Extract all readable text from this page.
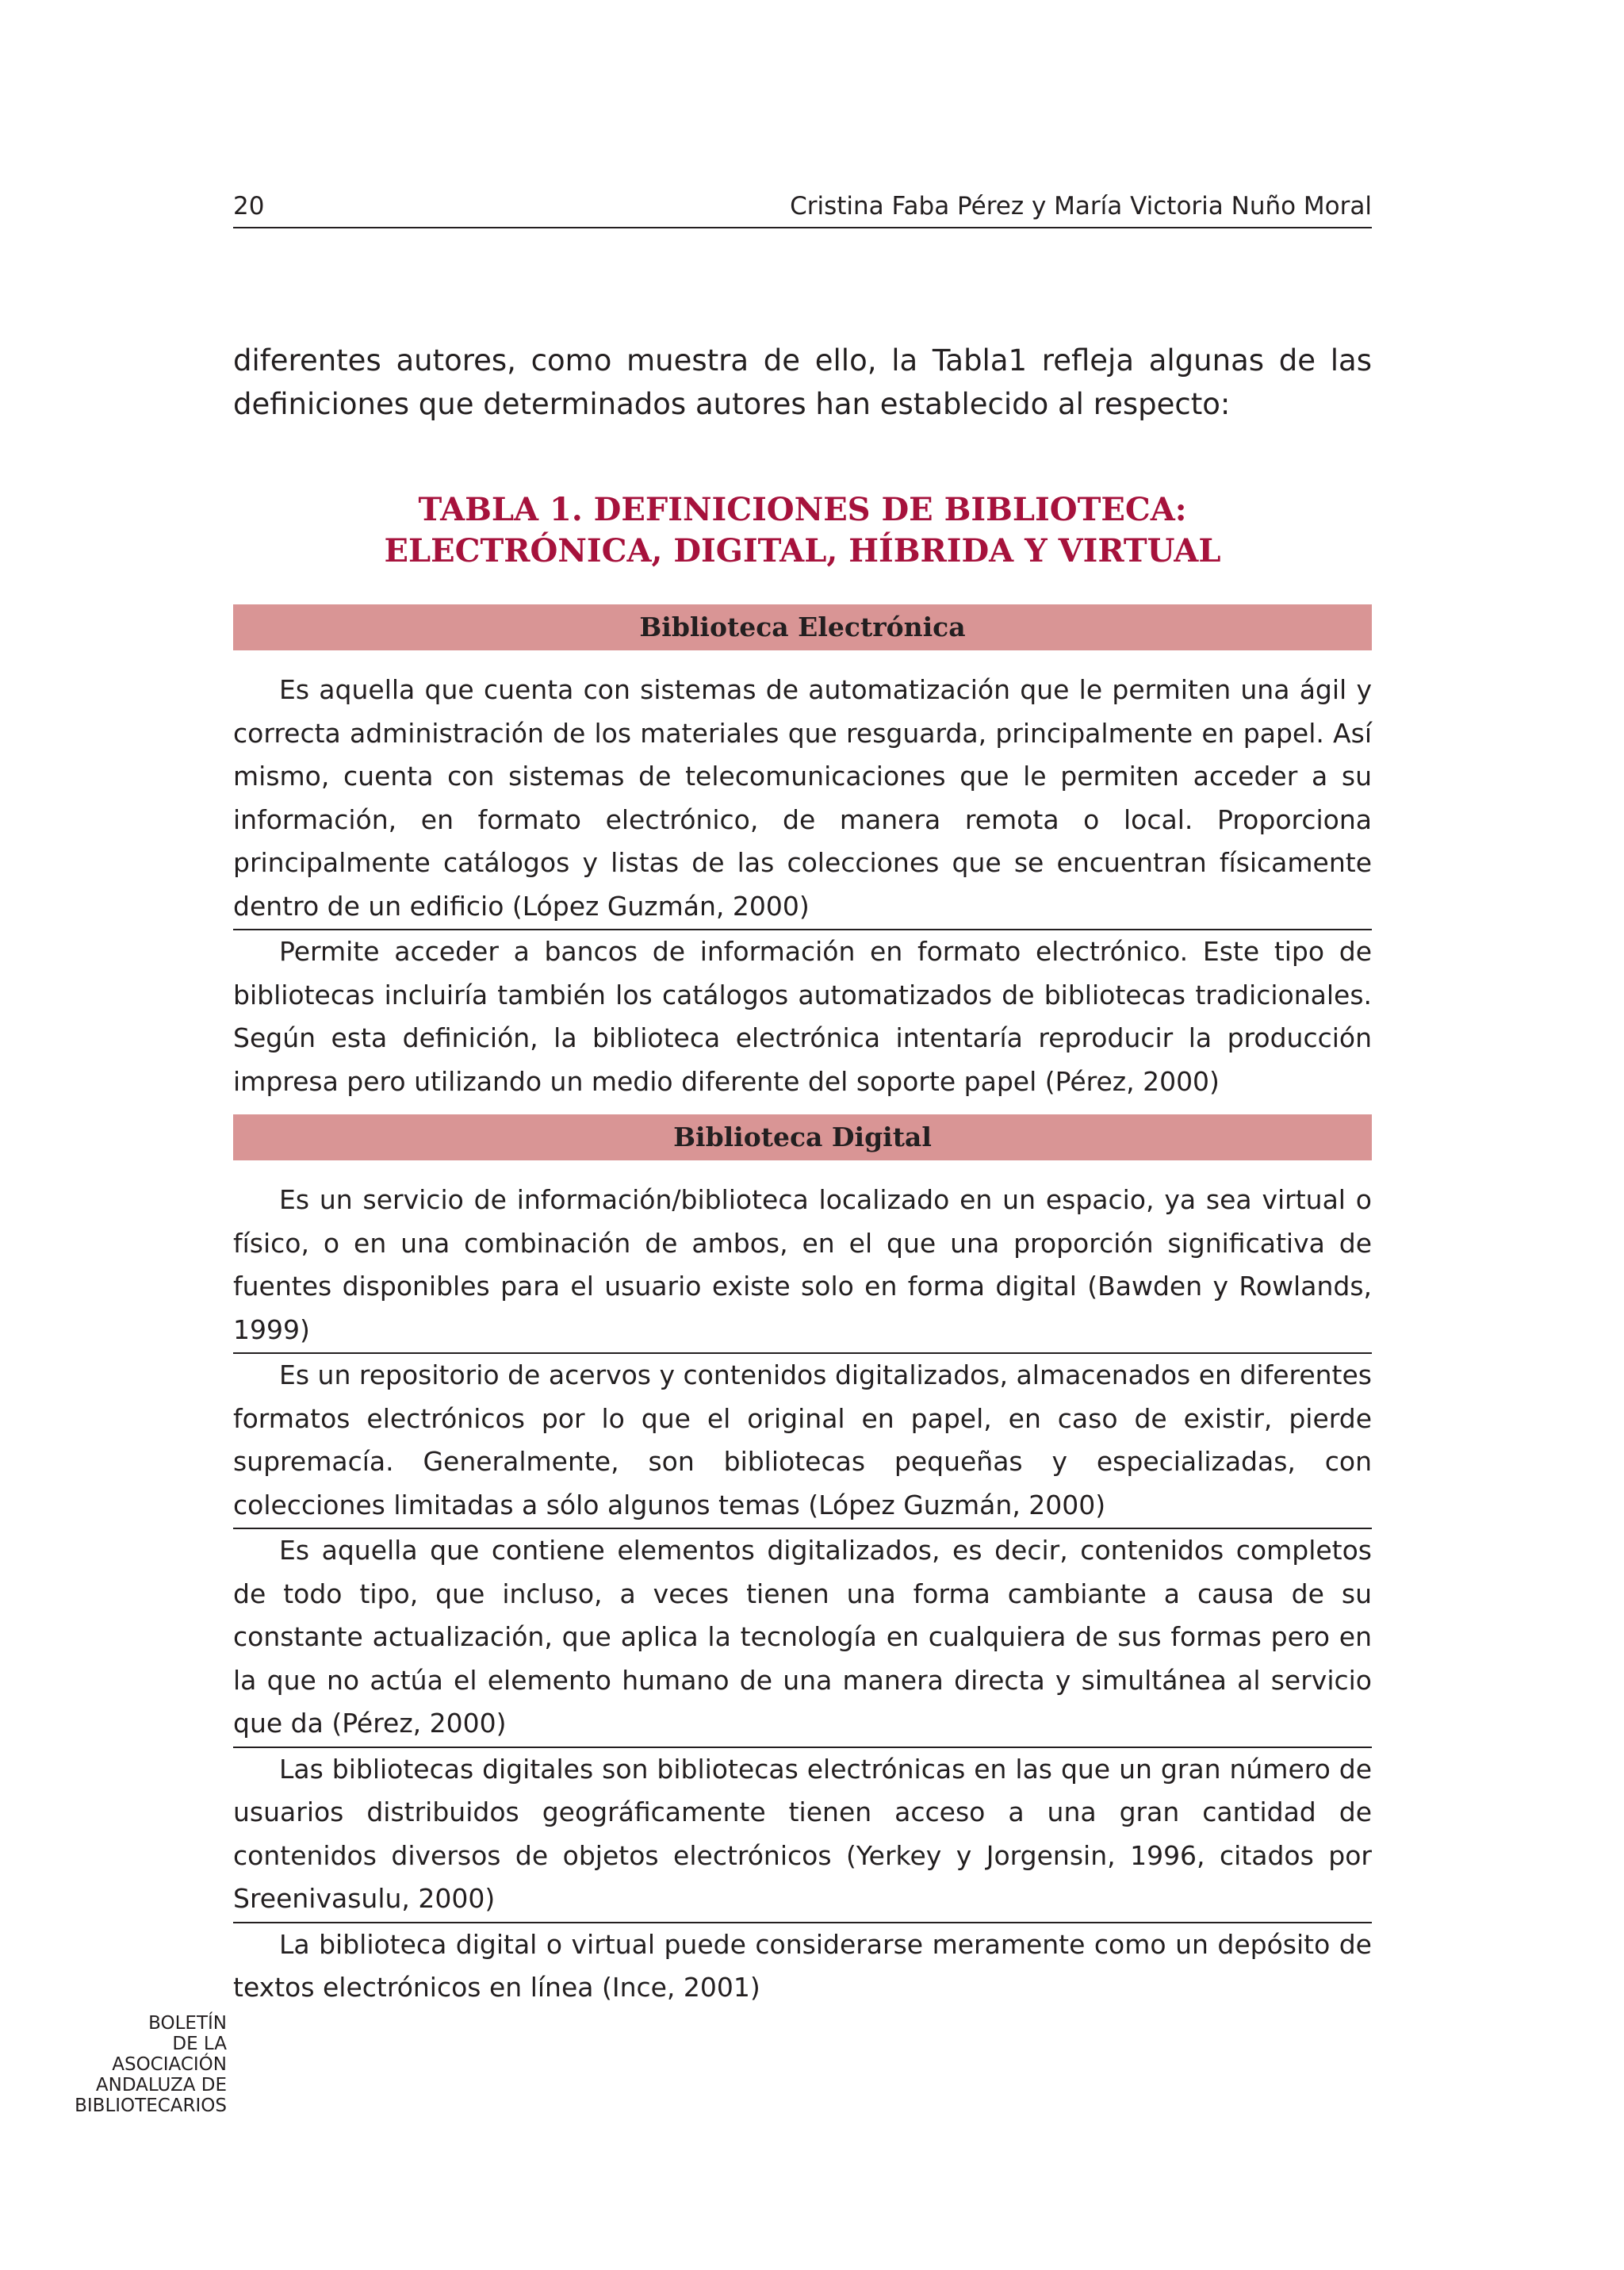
20	Cristina Faba Pérez y María Victoria Nuño Moral

diferentes autores, como muestra de ello, la Tabla1 refleja algunas de las definiciones que determinados autores han establecido al respecto:

TABLA 1. DEFINICIONES DE BIBLIOTECA:
ELECTRÓNICA, DIGITAL, HÍBRIDA Y VIRTUAL
Biblioteca Electrónica

Es aquella que cuenta con sistemas de automatización que le permiten una ágil y correcta administración de los materiales que resguarda, principalmente en papel. Así mismo, cuenta con sistemas de telecomunicaciones que le permiten acceder a su información, en formato electrónico, de manera remota o local. Proporciona principalmente catálogos y listas de las colecciones que se encuentran físicamente dentro de un edificio (López Guzmán, 2000)

Permite acceder a bancos de información en formato electrónico. Este tipo de bibliotecas incluiría también los catálogos automatizados de bibliotecas tradicionales. Según esta definición, la biblioteca electrónica intentaría reproducir la producción impresa pero utilizando un medio diferente del soporte papel (Pérez, 2000)

Biblioteca Digital

Es un servicio de información/biblioteca localizado en un espacio, ya sea virtual o físico, o en una combinación de ambos, en el que una proporción significativa de fuentes disponibles para el usuario existe solo en forma digital (Bawden y Rowlands, 1999)

Es un repositorio de acervos y contenidos digitalizados, almacenados en diferentes formatos electrónicos por lo que el original en papel, en caso de existir, pierde supremacía. Generalmente, son bibliotecas pequeñas y especializadas, con colecciones limitadas a sólo algunos temas (López Guzmán, 2000)

Es aquella que contiene elementos digitalizados, es decir, contenidos completos de todo tipo, que incluso, a veces tienen una forma cambiante a causa de su constante actualización, que aplica la tecnología en cualquiera de sus formas pero en la que no actúa el elemento humano de una manera directa y simultánea al servicio que da (Pérez, 2000)

Las bibliotecas digitales son bibliotecas electrónicas en las que un gran número de usuarios distribuidos geográficamente tienen acceso a una gran cantidad de contenidos diversos de objetos electrónicos (Yerkey y Jorgensin, 1996, citados por Sreenivasulu, 2000)

La biblioteca digital o virtual puede considerarse meramente como un depósito de textos electrónicos en línea (Ince, 2001)

BOLETÍN
DE LA
ASOCIACIÓN
ANDALUZA DE
BIBLIOTECARIOS
